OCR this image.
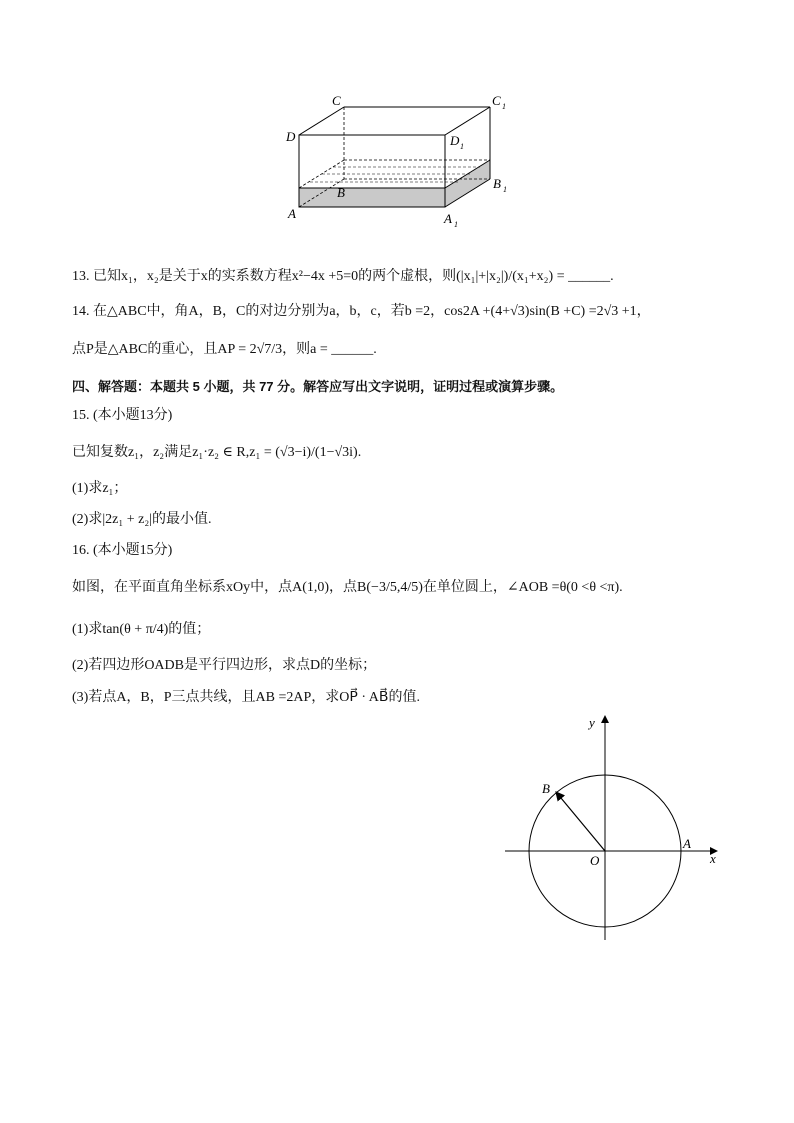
C	C 1
D	D 1
B
B 1
A	A 1
13. 已知x₁，x₂是关于x的实系数方程x²−4x +5=0的两个虚根，则(|x₁|+|x₂|)/(x₁+x₂) = ______.
14. 在△ABC中，角A，B，C的对边分别为a，b，c，若b =2，cos2A +(4+√3)sin(B +C) =2√3 +1，
点P是△ABC的重心，且AP = 2√7/3，则a = ______.
四、解答题：本题共 5 小题，共 77 分。解答应写出文字说明，证明过程或演算步骤。
15. (本小题13分)
已知复数z₁，z₂满足z₁·z₂ ∈ R,z₁ = (√3−i)/(1−√3i).
(1)求z₁；
(2)求|2z₁ + z₂|的最小值.
16. (本小题15分)
如图，在平面直角坐标系xOy中，点A(1,0)，点B(−3/5,4/5)在单位圆上，∠AOB =θ(0 <θ <π).
(1)求tan(θ + π/4)的值；
(2)若四边形OADB是平行四边形，求点D的坐标；
(3)若点A，B，P三点共线，且AB =2AP，求OP⃗ · AB⃗的值.
y
x
O
A
B
